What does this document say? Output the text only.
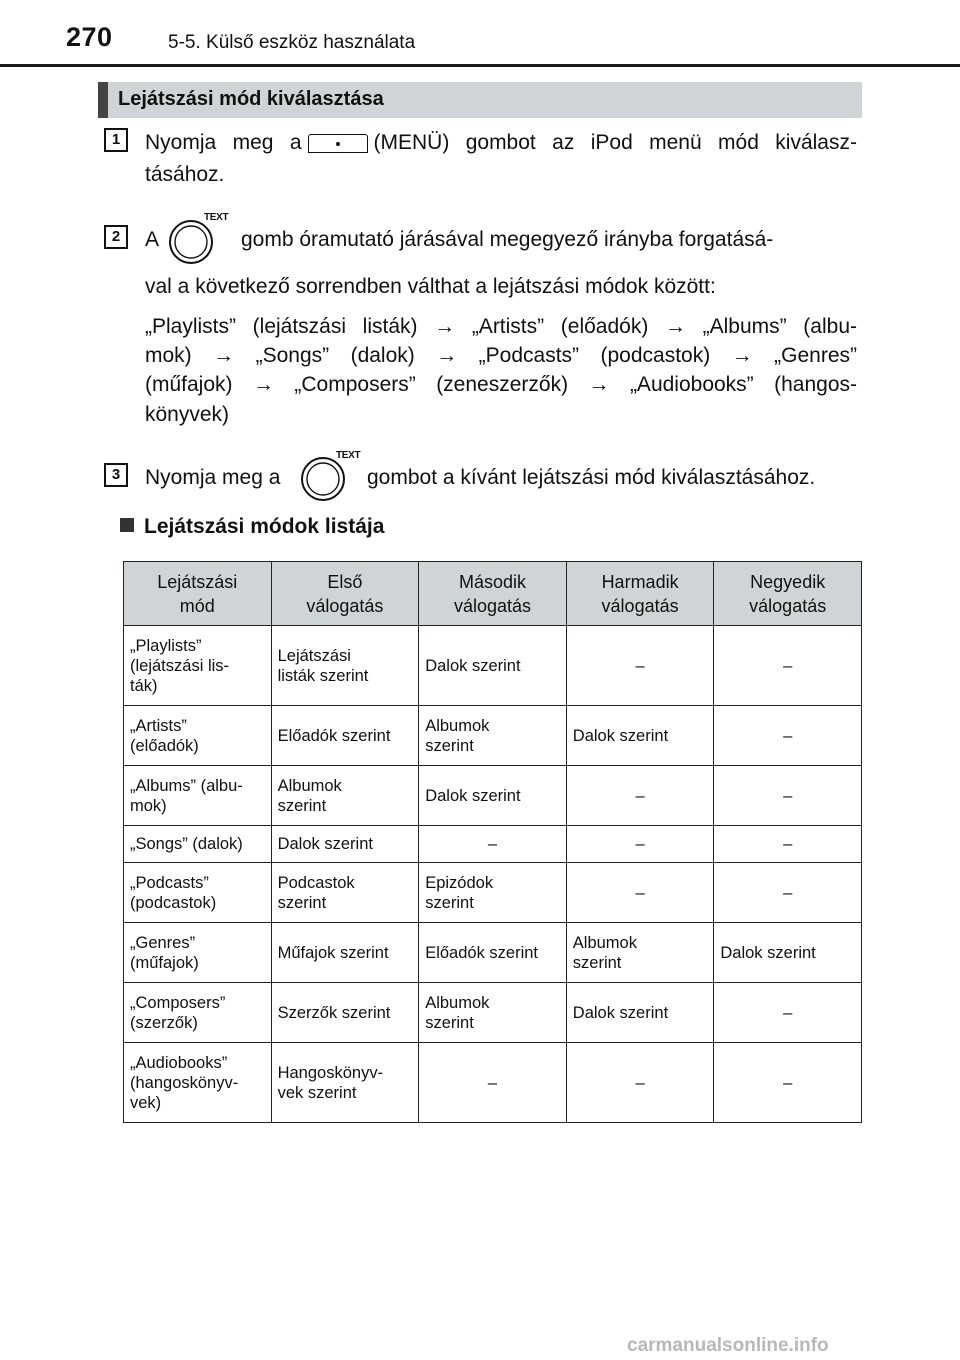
270	5-5. Külső eszköz használata
Lejátszási mód kiválasztása
1	Nyomja meg a	(MENÜ) gombot az iPod menü mód kiválasz-
tásához.
2	A	gomb óramutató járásával megegyező irányba forgatásá-
TEXT
val a következő sorrendben válthat a lejátszási módok között:
„Playlists” (lejátszási listák) → „Artists” (előadók) → „Albums” (albu-
mok) → „Songs” (dalok) → „Podcasts” (podcastok) → „Genres”
(műfajok) → „Composers” (zeneszerzők) → „Audiobooks” (hangos-
könyvek)
3	Nyomja meg a	gombot a kívánt lejátszási mód kiválasztásához.
TEXT
Lejátszási módok listája
Lejátszási
mód	Első
válogatás	Második
válogatás	Harmadik
válogatás	Negyedik
válogatás
„Playlists”
(lejátszási lis-
ták)	Lejátszási
listák szerint	Dalok szerint	–	–
„Artists”
(előadók)	Előadók szerint	Albumok
szerint	Dalok szerint	–
„Albums” (albu-
mok)	Albumok
szerint	Dalok szerint	–	–
„Songs” (dalok)	Dalok szerint	–	–	–
„Podcasts”
(podcastok)	Podcastok
szerint	Epizódok
szerint	–	–
„Genres”
(műfajok)	Műfajok szerint	Előadók szerint	Albumok
szerint	Dalok szerint
„Composers”
(szerzők)	Szerzők szerint	Albumok
szerint	Dalok szerint	–
„Audiobooks”
(hangoskönyv-
vek)	Hangoskönyv-
vek szerint	–	–	–
carmanualsonline.info
